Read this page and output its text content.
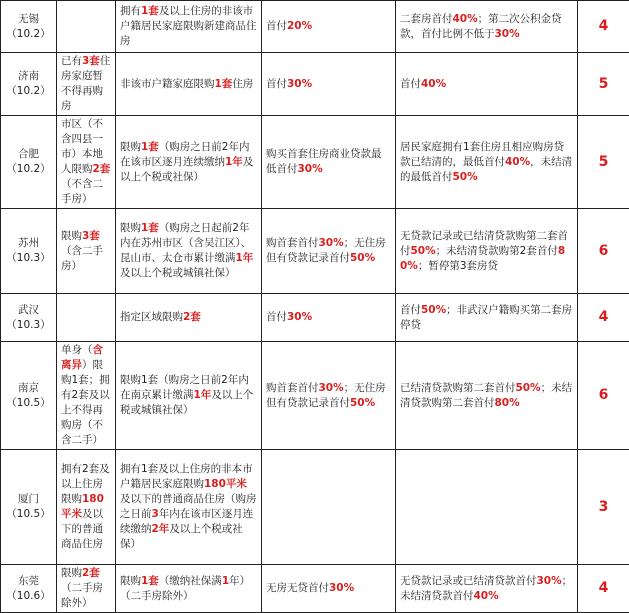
无锡
（10.2）		拥有1套及以上住房的非该市户籍居民家庭限购新建商品住房	首付20%	二套房首付40%；第二次公积金贷款，首付比例不低于30%	4

济南
（10.2）	已有3套住房家庭暂不得再购房	非该市户籍家庭限购1套住房	首付30%	首付40%	5

合肥
（10.2）	市区（不含四县一市）本地人限购2套（不含二手房）	限购1套（购房之日前2年内在该市区逐月连续缴纳1年及以上个税或社保）	购买首套住房商业贷款最低首付30%	居民家庭拥有1套住房且相应购房贷款已结清的，最低首付40%，未结清的最低首付50%	5

苏州
（10.3）	限购3套（含二手房）	限购1套（购房之日起前2年内在苏州市区（含吴江区）、昆山市、太仓市累计缴满1年及以上个税或城镇社保）	购首套首付30%；无住房但有贷款记录首付50%	无贷款记录或已结清贷款购第二套首付50%；未结清贷款购第2套首付80%；暂停第3套房贷	6

武汉
（10.3）		指定区域限购2套	首付30%	首付50%；非武汉户籍购买第二套房停贷	4

南京
（10.5）	单身（含离异）限购1套；拥有2套及以上不得再购房（不含二手）	限购1套（购房之日前2年内在南京累计缴满1年及以上个税或城镇社保）	购首套首付30%；无住房但有贷款记录首付50%	已结清贷款购第二套首付50%；未结清贷款购第二套首付80%	6

厦门
（10.5）	拥有2套及以上住房限购180平米及以下的普通商品住房	拥有1套及以上住房的非本市户籍居民家庭限购180平米及以下的普通商品住房（购房之日前3年内在该市区逐月连续缴纳2年及以上个税或社保）			3

东莞
（10.6）	限购2套（二手房除外）	限购1套（缴纳社保满1年）（二手房除外）	无房无贷首付30%	无贷款记录或已结清贷款首付30%；未结清贷款首付40%	4
